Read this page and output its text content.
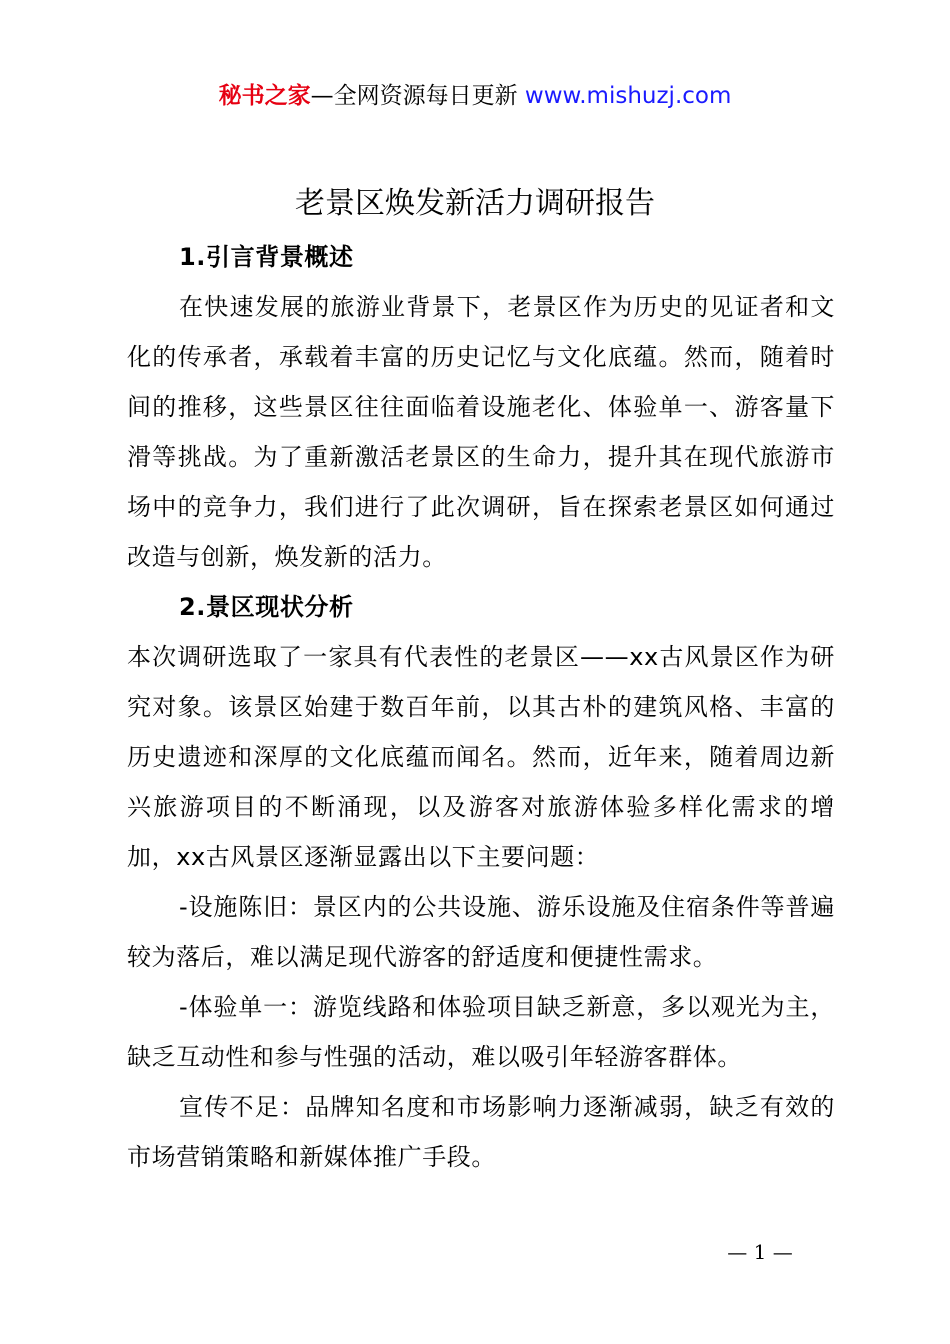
秘书之家—全网资源每日更新 www.mishuzj.com
老景区焕发新活力调研报告

1.引言背景概述

在快速发展的旅游业背景下，老景区作为历史的见证者和文化的传承者，承载着丰富的历史记忆与文化底蕴。然而，随着时间的推移，这些景区往往面临着设施老化、体验单一、游客量下滑等挑战。为了重新激活老景区的生命力，提升其在现代旅游市场中的竞争力，我们进行了此次调研，旨在探索老景区如何通过改造与创新，焕发新的活力。

2.景区现状分析

本次调研选取了一家具有代表性的老景区——xx古风景区作为研究对象。该景区始建于数百年前，以其古朴的建筑风格、丰富的历史遗迹和深厚的文化底蕴而闻名。然而，近年来，随着周边新兴旅游项目的不断涌现，以及游客对旅游体验多样化需求的增加，xx古风景区逐渐显露出以下主要问题：

-设施陈旧：景区内的公共设施、游乐设施及住宿条件等普遍较为落后，难以满足现代游客的舒适度和便捷性需求。

-体验单一：游览线路和体验项目缺乏新意，多以观光为主，缺乏互动性和参与性强的活动，难以吸引年轻游客群体。

宣传不足：品牌知名度和市场影响力逐渐减弱，缺乏有效的市场营销策略和新媒体推广手段。

— 1 —
